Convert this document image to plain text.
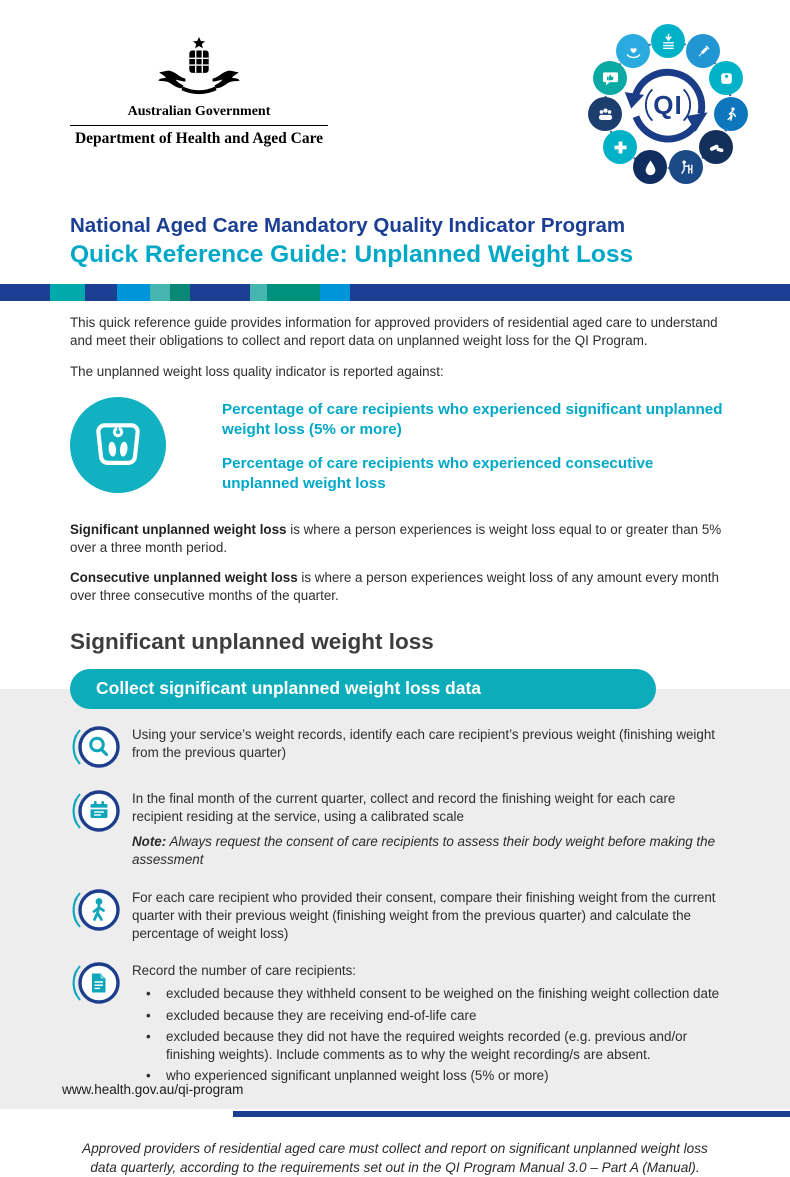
Australian Government
Department of Health and Aged Care
QI
National Aged Care Mandatory Quality Indicator Program
Quick Reference Guide: Unplanned Weight Loss

This quick reference guide provides information for approved providers of residential aged care to understand and meet their obligations to collect and report data on unplanned weight loss for the QI Program.

The unplanned weight loss quality indicator is reported against:

Percentage of care recipients who experienced significant unplanned weight loss (5% or more)

Percentage of care recipients who experienced consecutive unplanned weight loss

Significant unplanned weight loss is where a person experiences is weight loss equal to or greater than 5% over a three month period.

Consecutive unplanned weight loss is where a person experiences weight loss of any amount every month over three consecutive months of the quarter.

Significant unplanned weight loss
Collect significant unplanned weight loss data

Using your service’s weight records, identify each care recipient’s previous weight (finishing weight from the previous quarter)

In the final month of the current quarter, collect and record the finishing weight for each care recipient residing at the service, using a calibrated scale

Note: Always request the consent of care recipients to assess their body weight before making the assessment

For each care recipient who provided their consent, compare their finishing weight from the current quarter with their previous weight (finishing weight from the previous quarter) and calculate the percentage of weight loss)

Record the number of care recipients:

• excluded because they withheld consent to be weighed on the finishing weight collection date
• excluded because they are receiving end-of-life care
• excluded because they did not have the required weights recorded (e.g. previous and/or finishing weights). Include comments as to why the weight recording/s are absent.
• who experienced significant unplanned weight loss (5% or more)

Approved providers of residential aged care must collect and report on significant unplanned weight loss data quarterly, according to the requirements set out in the QI Program Manual 3.0 – Part A (Manual).

www.health.gov.au/qi-program
